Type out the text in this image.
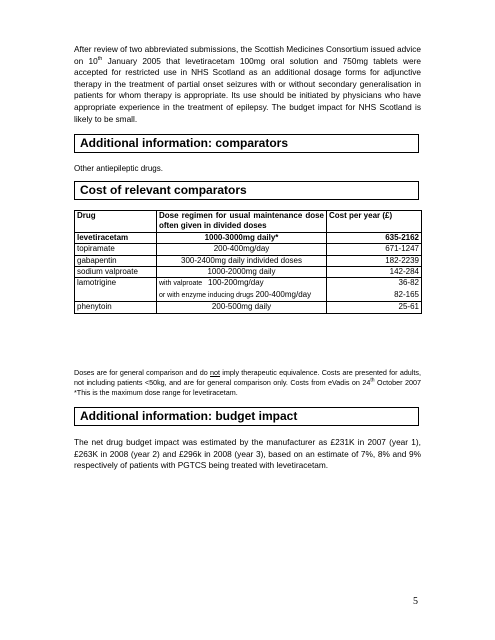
After review of two abbreviated submissions, the Scottish Medicines Consortium issued advice on 10th January 2005 that levetiracetam 100mg oral solution and 750mg tablets were accepted for restricted use in NHS Scotland as an additional dosage forms for adjunctive therapy in the treatment of partial onset seizures with or without secondary generalisation in patients for whom therapy is appropriate. Its use should be initiated by physicians who have appropriate experience in the treatment of epilepsy. The budget impact for NHS Scotland is likely to be small.

Additional information: comparators

Other antiepileptic drugs.

Cost of relevant comparators
Drug	Dose regimen for usual maintenance dose often given in divided doses	Cost per year (£)
levetiracetam	1000-3000mg daily*	635-2162
topiramate	200-400mg/day	671-1247
gabapentin	300-2400mg daily individed doses	182-2239
sodium valproate	1000-2000mg daily	142-284
lamotrigine	with valproate 100-200mg/day	36-82
	or with enzyme inducing drugs 200-400mg/day	82-165
phenytoin	200-500mg daily	25-61

Doses are for general comparison and do not imply therapeutic equivalence. Costs are presented for adults, not including patients <50kg, and are for general comparison only. Costs from eVadis on 24th October 2007 *This is the maximum dose range for levetiracetam.

Additional information: budget impact

The net drug budget impact was estimated by the manufacturer as £231K in 2007 (year 1), £263K in 2008 (year 2) and £296k in 2008 (year 3), based on an estimate of 7%, 8% and 9% respectively of patients with PGTCS being treated with levetiracetam.

5
